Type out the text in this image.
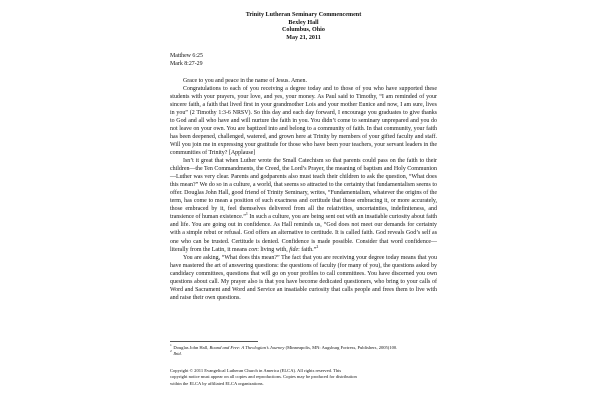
Trinity Lutheran Seminary Commencement
Bexley Hall
Columbus, Ohio
May 21, 2011
Matthew 6:25
Mark 8:27-29

Grace to you and peace in the name of Jesus. Amen.

Congratulations to each of you receiving a degree today and to those of you who have supported these students with your prayers, your love, and yes, your money. As Paul said to Timothy, “I am reminded of your sincere faith, a faith that lived first in your grandmother Lois and your mother Eunice and now, I am sure, lives in you” (2 Timothy 1:3-6 NRSV). So this day and each day forward, I encourage you graduates to give thanks to God and all who have and will nurture the faith in you. You didn’t come to seminary unprepared and you do not leave on your own. You are baptized into and belong to a community of faith. In that community, your faith has been deepened, challenged, watered, and grown here at Trinity by members of your gifted faculty and staff. Will you join me in expressing your gratitude for those who have been your teachers, your servant leaders in the communities of Trinity? [Applause]

Isn’t it great that when Luther wrote the Small Catechism so that parents could pass on the faith to their children—the Ten Commandments, the Creed, the Lord’s Prayer, the meaning of baptism and Holy Communion—Luther was very clear. Parents and godparents also must teach their children to ask the question, “What does this mean?” We do so in a culture, a world, that seems so attracted to the certainty that fundamentalism seems to offer. Douglas John Hall, good friend of Trinity Seminary, writes, “Fundamentalism, whatever the origins of the term, has come to mean a position of such exactness and certitude that those embracing it, or more accurately, those embraced by it, feel themselves delivered from all the relativities, uncertainties, indefiniteness, and transience of human existence.”$^1$ In such a culture, you are being sent out with an insatiable curiosity about faith and life. You are going out in confidence. As Hall reminds us, “God does not meet our demands for certainty with a simple rebut or refusal. God offers an alternative to certitude. It is called faith. God reveals God’s self as one who can be trusted. Certitude is denied. Confidence is made possible. Consider that word confidence—literally from the Latin, it means con: living with, fide: faith.”$^2$

You are asking, “What does this mean?” The fact that you are receiving your degree today means that you have mastered the art of answering questions: the questions of faculty (for many of you), the questions asked by candidacy committees, questions that will go on your profiles to call committees. You have discerned you own questions about call. My prayer also is that you have become dedicated questioners, who bring to your calls of Word and Sacrament and Word and Service an insatiable curiosity that calls people and frees them to live with and raise their own questions.

$^1$ Douglas John Hall, Bound and Free: A Theologian’s Journey (Minneapolis, MN: Augsburg Fortress, Publishers, 2005)100.

$^2$ Ibid.

Copyright © 2011 Evangelical Lutheran Church in America (ELCA). All rights reserved. This

copyright notice must appear on all copies and reproductions. Copies may be produced for distribution

within the ELCA by affiliated ELCA organizations.
